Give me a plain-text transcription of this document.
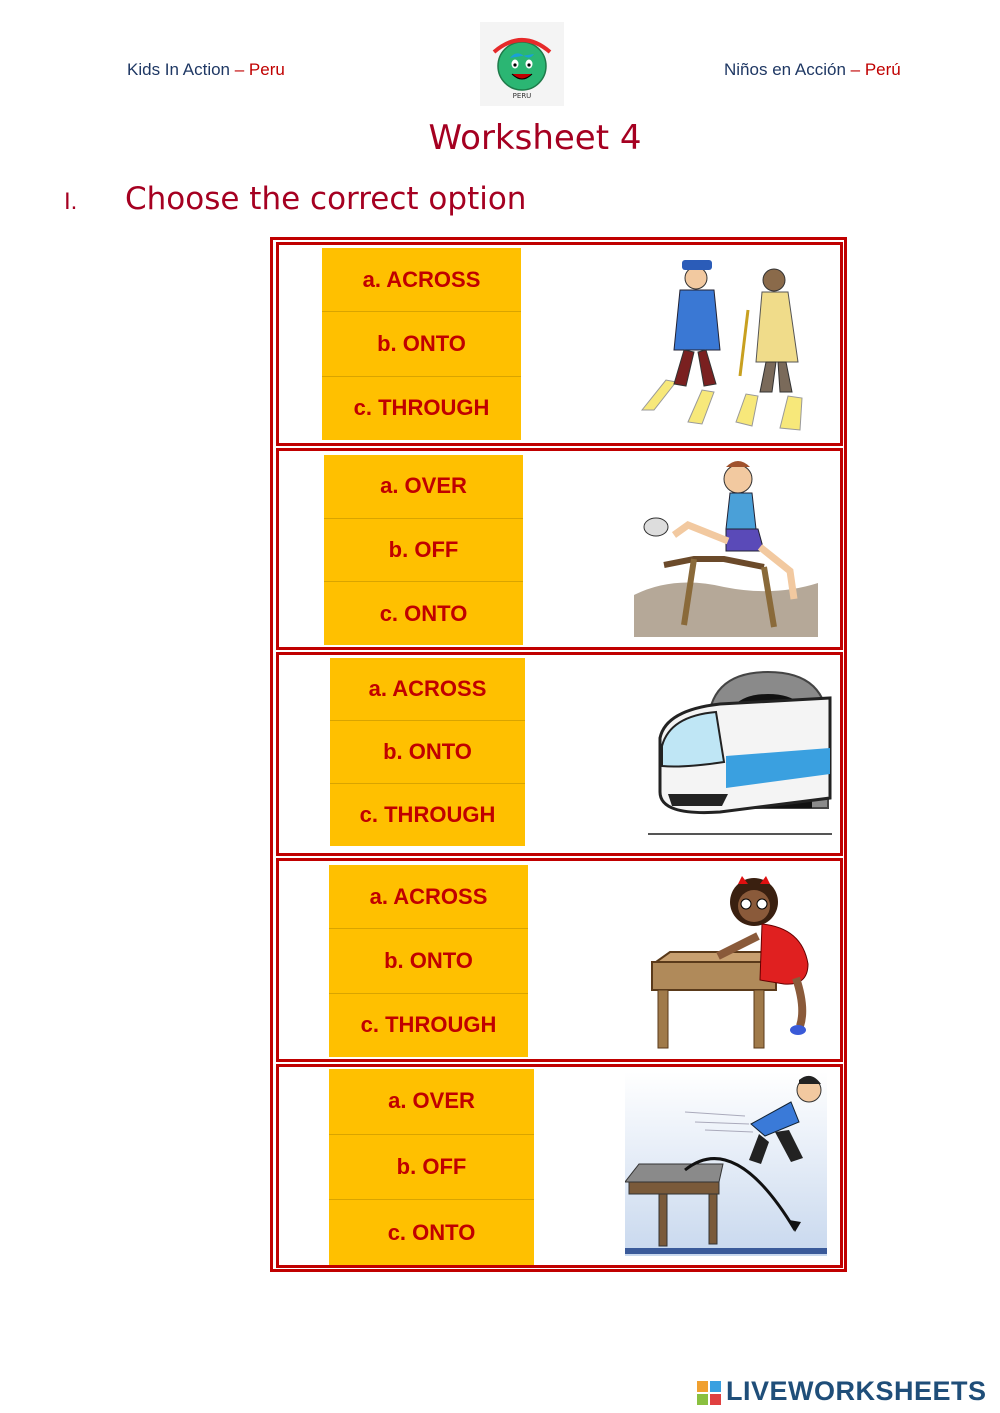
Kids In Action – Peru
PERU
Niños en Acción – Perú
Worksheet 4
I. Choose the correct option
a. ACROSS
b. ONTO
c. THROUGH
a. OVER
b. OFF
c. ONTO
a. ACROSS
b. ONTO
c. THROUGH
a. ACROSS
b. ONTO
c. THROUGH
a. OVER
b. OFF
c. ONTO
LIVEWORKSHEETS
